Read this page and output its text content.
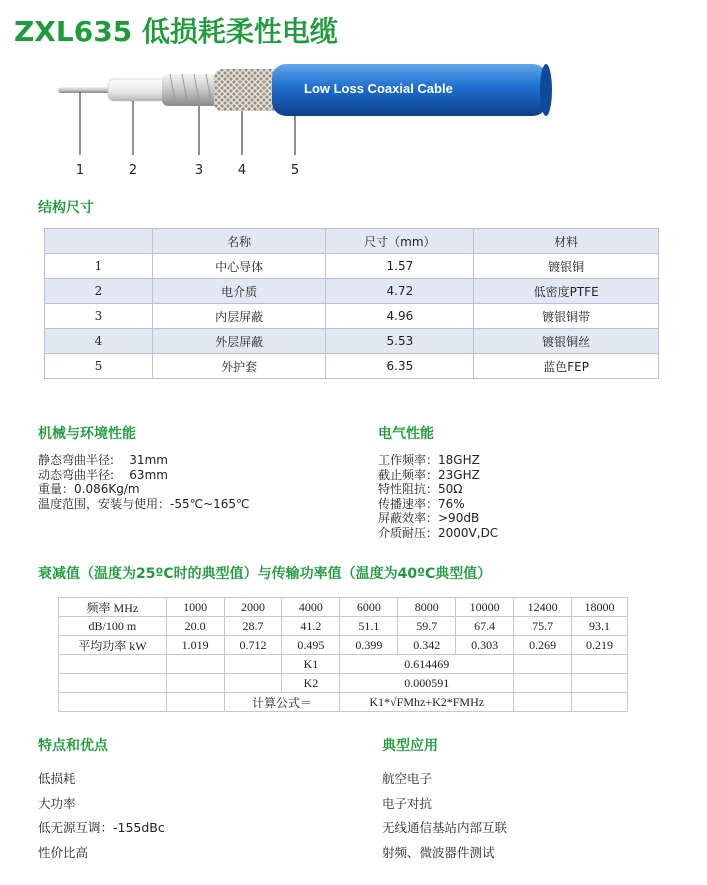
ZXL635 低损耗柔性电缆
Low Loss Coaxial Cable
1	2	3	4	5
结构尺寸
	名称	尺寸（mm）	材料
1	中心导体	1.57	镀银铜
2	电介质	4.72	低密度PTFE
3	内层屏蔽	4.96	镀银铜带
4	外层屏蔽	5.53	镀银铜丝
5	外护套	6.35	蓝色FEP
机械与环境性能
静态弯曲半径:    31mm
动态弯曲半径:    63mm
重量：0.086Kg/m
温度范围，安装与使用：-55℃~165℃
电气性能
工作频率：18GHZ
截止频率：23GHZ
特性阻抗：50Ω
传播速率：76%
屏蔽效率：>90dB
介质耐压：2000V,DC
衰减值（温度为25ºC时的典型值）与传输功率值（温度为40ºC典型值）
频率 MHz	1000	2000	4000	6000	8000	10000	12400	18000
dB/100 m	20.0	28.7	41.2	51.1	59.7	67.4	75.7	93.1
平均功率 kW	1.019	0.712	0.495	0.399	0.342	0.303	0.269	0.219
			K1	0.614469				
			K2	0.000591				
		计算公式＝		K1*√FMhz+K2*FMHz				
特点和优点
低损耗
大功率
低无源互调：-155dBc
性价比高
典型应用
航空电子
电子对抗
无线通信基站内部互联
射频、微波器件测试
